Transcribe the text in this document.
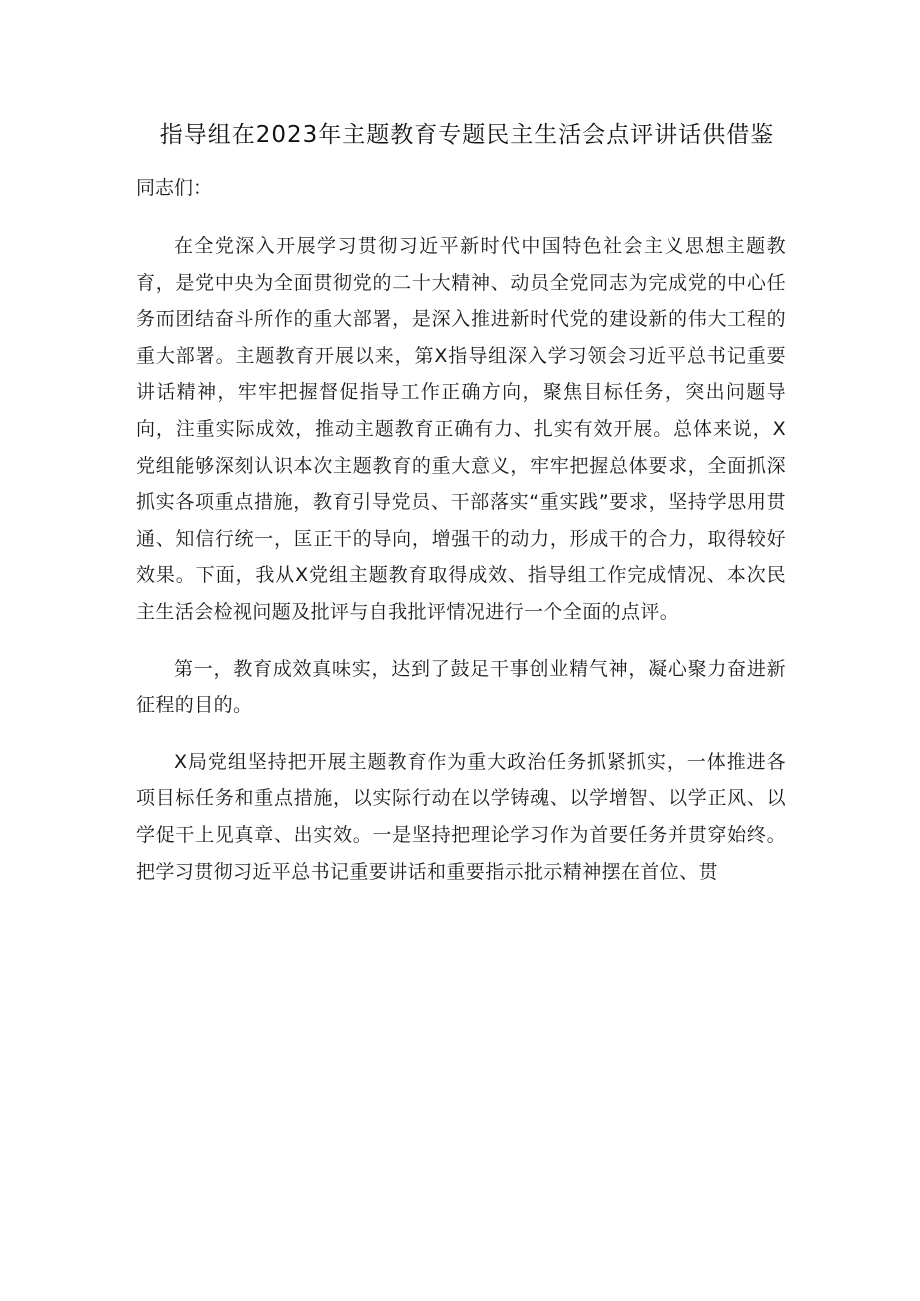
指导组在2023年主题教育专题民主生活会点评讲话供借鉴

同志们：

在全党深入开展学习贯彻习近平新时代中国特色社会主义思想主题教育，是党中央为全面贯彻党的二十大精神、动员全党同志为完成党的中心任务而团结奋斗所作的重大部署，是深入推进新时代党的建设新的伟大工程的重大部署。主题教育开展以来，第X指导组深入学习领会习近平总书记重要讲话精神，牢牢把握督促指导工作正确方向，聚焦目标任务，突出问题导向，注重实际成效，推动主题教育正确有力、扎实有效开展。总体来说，X党组能够深刻认识本次主题教育的重大意义，牢牢把握总体要求，全面抓深抓实各项重点措施，教育引导党员、干部落实“重实践”要求，坚持学思用贯通、知信行统一，匡正干的导向，增强干的动力，形成干的合力，取得较好效果。下面，我从X党组主题教育取得成效、指导组工作完成情况、本次民主生活会检视问题及批评与自我批评情况进行一个全面的点评。

第一，教育成效真味实，达到了鼓足干事创业精气神，凝心聚力奋进新征程的目的。

X局党组坚持把开展主题教育作为重大政治任务抓紧抓实，一体推进各项目标任务和重点措施，以实际行动在以学铸魂、以学增智、以学正风、以学促干上见真章、出实效。一是坚持把理论学习作为首要任务并贯穿始终。把学习贯彻习近平总书记重要讲话和重要指示批示精神摆在首位、贯
